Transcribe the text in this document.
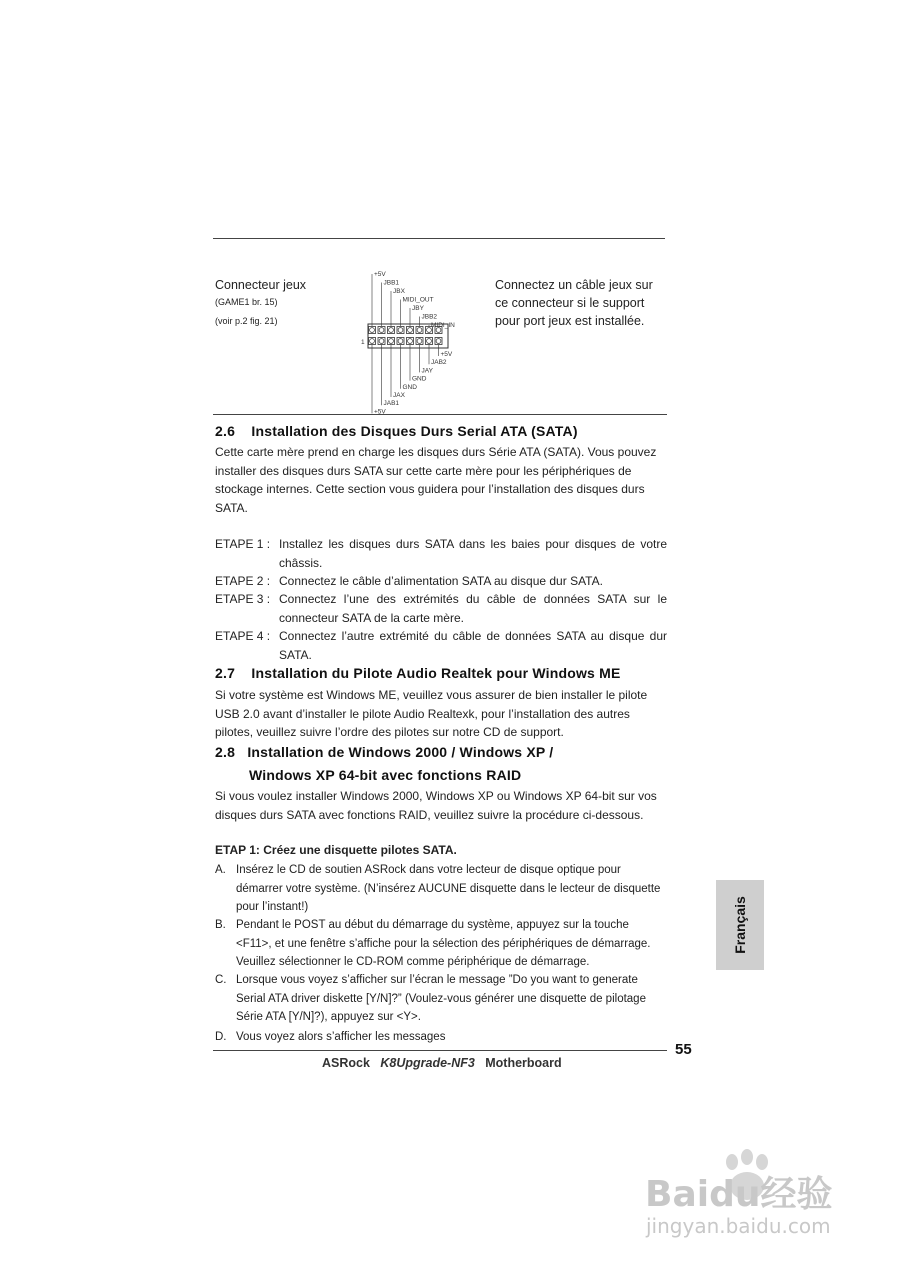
Connecteur jeux
(GAME1 br. 15)
(voir p.2 fig. 21)
Connectez un câble jeux sur ce connecteur si le support pour port jeux est installée.
+5V
JBB1
JBX
MIDI_OUT
JBY
JBB2
MIDI_IN
+5V
JAB2
JAY
GND
GND
JAX
JAB1
+5V
1
2.6    Installation des Disques Durs Serial ATA (SATA)
Cette carte mère prend en charge les disques durs Série ATA (SATA). Vous pouvez installer des disques durs SATA sur cette carte mère pour les périphériques de stockage internes. Cette section vous guidera pour l’installation des disques durs SATA.
ETAPE 1 : Installez les disques durs SATA dans les baies pour disques de votre châssis.
ETAPE 2 : Connectez le câble d’alimentation SATA au disque dur SATA.
ETAPE 3 : Connectez l’une des extrémités du câble de données SATA sur le connecteur SATA de la carte mère.
ETAPE 4 : Connectez l’autre extrémité du câble de données SATA au disque dur SATA.
2.7    Installation du Pilote Audio Realtek pour Windows ME
Si votre système est Windows ME, veuillez vous assurer de bien installer le pilote USB 2.0 avant d’installer le pilote Audio Realtexk, pour l’installation des autres pilotes, veuillez suivre l’ordre des pilotes sur notre CD de support.
2.8   Installation de Windows 2000 / Windows XP /
Windows XP 64-bit avec fonctions RAID
Si vous voulez installer Windows 2000, Windows XP ou Windows XP 64-bit sur vos disques durs SATA avec fonctions RAID, veuillez suivre la procédure ci-dessous.
ETAP 1: Créez une disquette pilotes SATA.
A. Insérez le CD de soutien ASRock dans votre lecteur de disque optique pour démarrer votre système. (N’insérez AUCUNE disquette dans le lecteur de disquette pour l’instant!)
B. Pendant le POST au début du démarrage du système, appuyez sur la touche <F11>, et une fenêtre s’affiche pour la sélection des périphériques de démarrage. Veuillez sélectionner le CD-ROM comme périphérique de démarrage.
C. Lorsque vous voyez s’afficher sur l’écran le message ”Do you want to generate Serial ATA driver diskette [Y/N]?” (Voulez-vous générer une disquette de pilotage Série ATA [Y/N]?), appuyez sur <Y>.
D. Vous voyez alors s’afficher les messages
Français
55
ASRock K8Upgrade-NF3 Motherboard
Baidu经验
jingyan.baidu.com
